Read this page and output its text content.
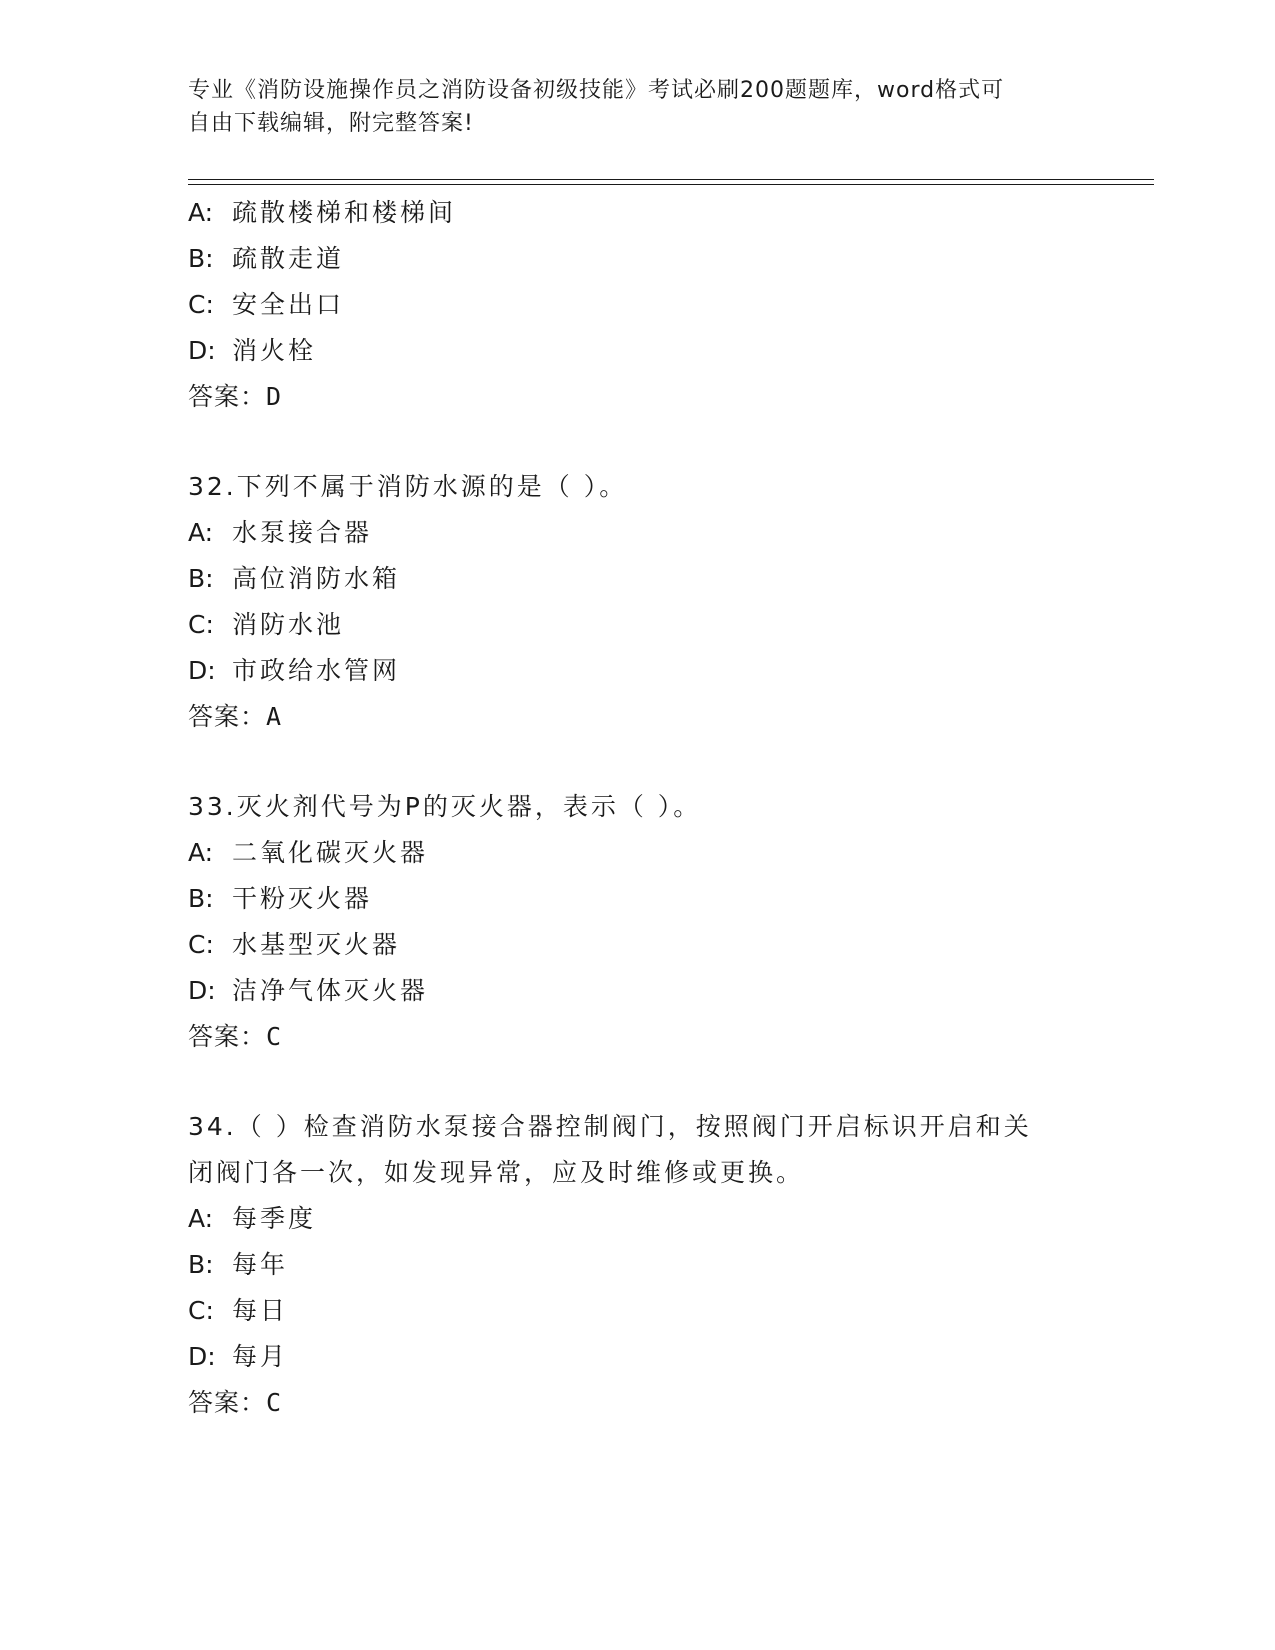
专业《消防设施操作员之消防设备初级技能》考试必刷200题题库，word格式可
自由下载编辑，附完整答案!
A: 疏散楼梯和楼梯间
B: 疏散走道
C: 安全出口
D: 消火栓
答案：D
32.下列不属于消防水源的是（ ）。
A: 水泵接合器
B: 高位消防水箱
C: 消防水池
D: 市政给水管网
答案：A
33.灭火剂代号为P的灭火器，表示（ ）。
A: 二氧化碳灭火器
B: 干粉灭火器
C: 水基型灭火器
D: 洁净气体灭火器
答案：C
34.（ ）检查消防水泵接合器控制阀门，按照阀门开启标识开启和关
闭阀门各一次，如发现异常，应及时维修或更换。
A: 每季度
B: 每年
C: 每日
D: 每月
答案：C
